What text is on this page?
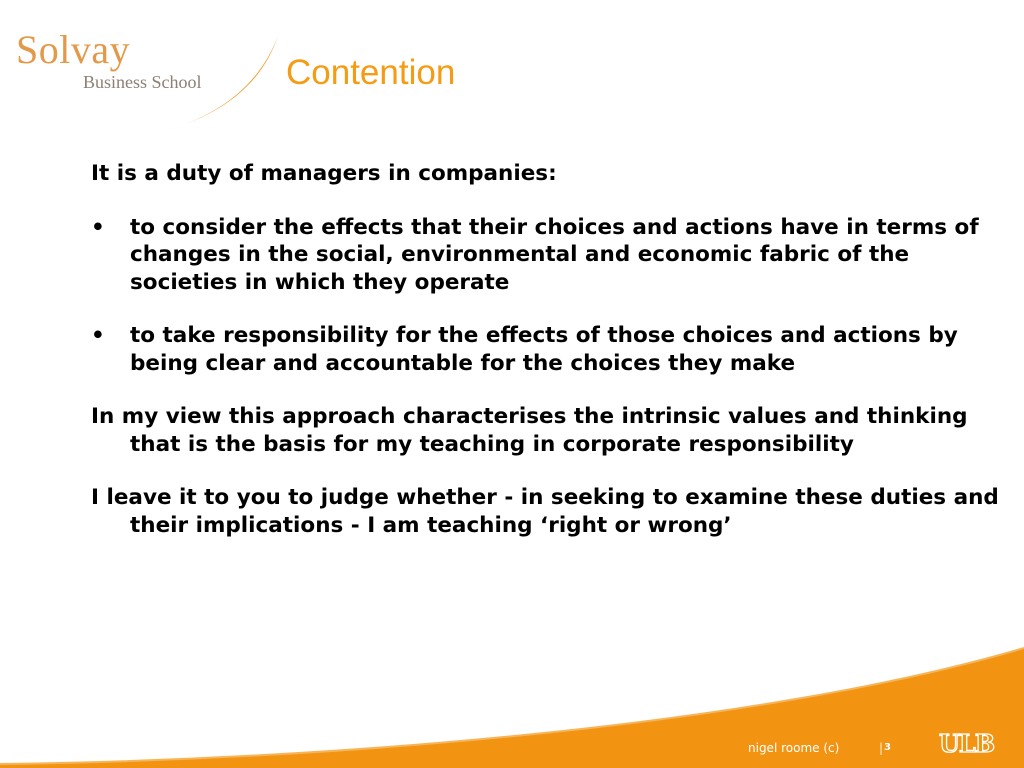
Solvay
Business School Contention

It is a duty of managers in companies:

• to consider the effects that their choices and actions have in terms of changes in the social, environmental and economic fabric of the societies in which they operate
• to take responsibility for the effects of those choices and actions by being clear and accountable for the choices they make

In my view this approach characterises the intrinsic values and thinking that is the basis for my teaching in corporate responsibility

I leave it to you to judge whether - in seeking to examine these duties and their implications - I am teaching ‘right or wrong’

nigel roome (c)	| 3 ULB
